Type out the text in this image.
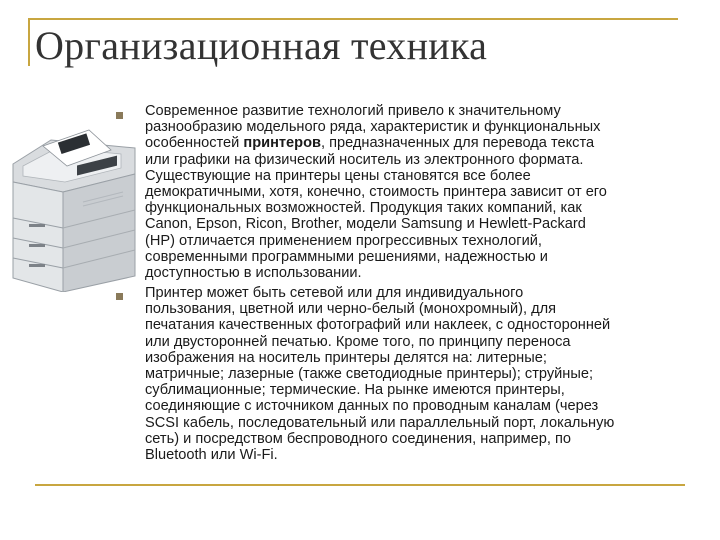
Организационная техника
Современное развитие технологий привело к значительному
разнообразию модельного ряда, характеристик и функциональных
особенностей принтеров, предназначенных для перевода текста
или графики на физический носитель из электронного формата.
Существующие на принтеры цены становятся все более
демократичными, хотя, конечно, стоимость принтера зависит от его
функциональных возможностей. Продукция таких компаний, как
Canon, Epson, Ricon, Brother, модели Samsung и Hewlett-Packard
(HP) отличается применением прогрессивных технологий,
современными программными решениями, надежностью и
доступностью в использовании.
Принтер может быть сетевой или для индивидуального
пользования, цветной или черно-белый (монохромный), для
печатания качественных фотографий или наклеек, с односторонней
или двусторонней печатью. Кроме того, по принципу переноса
изображения на носитель принтеры делятся на: литерные;
матричные; лазерные (также светодиодные принтеры); струйные;
сублимационные; термические. На рынке имеются принтеры,
соединяющие с источником данных по проводным каналам (через
SCSI кабель, последовательный или параллельный порт, локальную
сеть) и посредством беспроводного соединения, например, по
Bluetooth или Wi-Fi.
